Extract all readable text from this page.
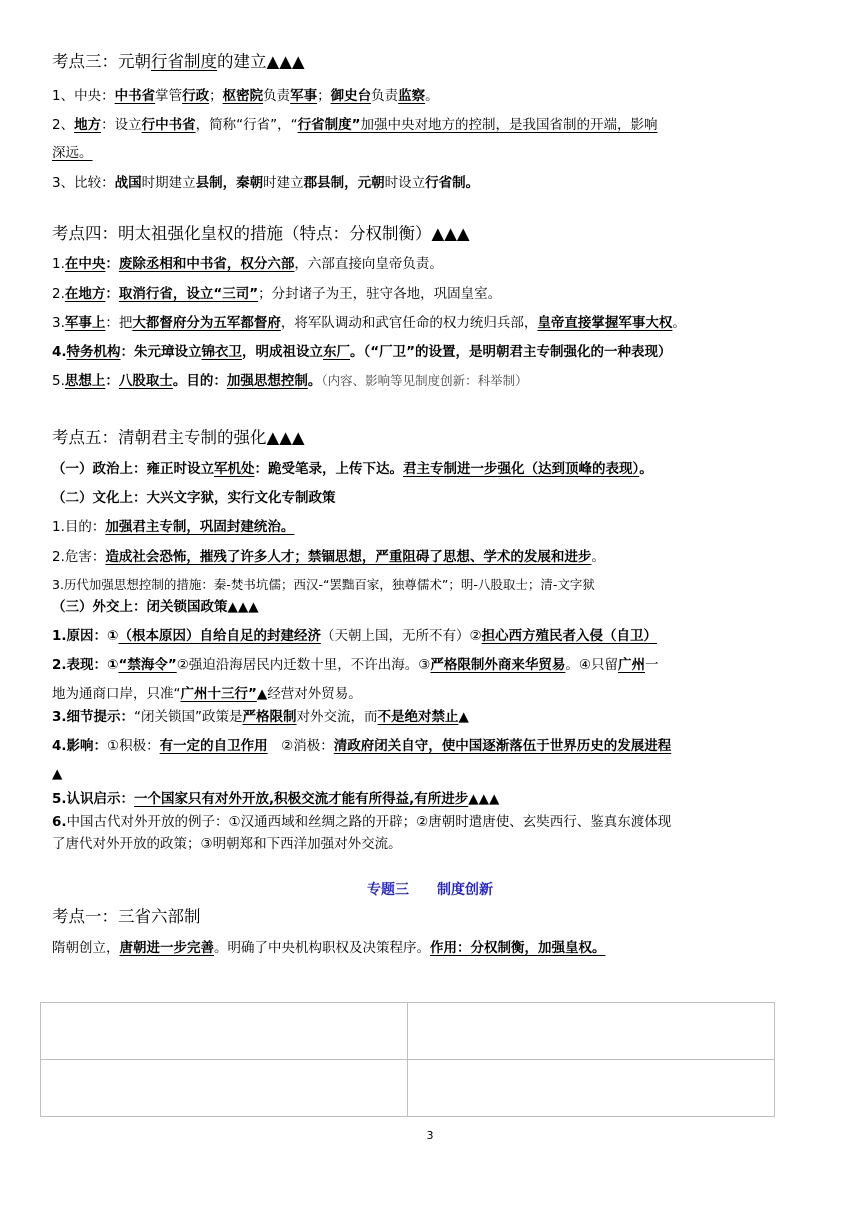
考点三：元朝行省制度的建立▲▲▲
1、中央：中书省掌管行政；枢密院负责军事；御史台负责监察。
2、地方：设立行中书省，简称“行省”，“行省制度”加强中央对地方的控制，是我国省制的开端，影响
深远。
3、比较：战国时期建立县制，秦朝时建立郡县制，元朝时设立行省制。
考点四：明太祖强化皇权的措施（特点：分权制衡）▲▲▲
1.在中央：废除丞相和中书省，权分六部，六部直接向皇帝负责。
2.在地方：取消行省，设立“三司”；分封诸子为王，驻守各地，巩固皇室。
3.军事上：把大都督府分为五军都督府，将军队调动和武官任命的权力统归兵部，皇帝直接掌握军事大权。
4.特务机构：朱元璋设立锦衣卫，明成祖设立东厂。（“厂卫”的设置，是明朝君主专制强化的一种表现）
5.思想上：八股取士。目的：加强思想控制。（内容、影响等见制度创新：科举制）
考点五：清朝君主专制的强化▲▲▲
（一）政治上：雍正时设立军机处：跪受笔录，上传下达。君主专制进一步强化（达到顶峰的表现）。
（二）文化上：大兴文字狱，实行文化专制政策
1.目的：加强君主专制，巩固封建统治。
2.危害：造成社会恐怖，摧残了许多人才；禁锢思想，严重阻碍了思想、学术的发展和进步。
3.历代加强思想控制的措施：秦-焚书坑儒；西汉-“罢黜百家，独尊儒术”；明-八股取士；清-文字狱
（三）外交上：闭关锁国政策▲▲▲
1.原因：①（根本原因）自给自足的封建经济（天朝上国，无所不有）②担心西方殖民者入侵（自卫）
2.表现：①“禁海令”②强迫沿海居民内迁数十里，不许出海。③严格限制外商来华贸易。④只留广州一
地为通商口岸，只准“广州十三行”▲经营对外贸易。
3.细节提示：“闭关锁国”政策是严格限制对外交流，而不是绝对禁止▲
4.影响：①积极：有一定的自卫作用　②消极：清政府闭关自守，使中国逐渐落伍于世界历史的发展进程
▲
5.认识启示：一个国家只有对外开放,积极交流才能有所得益,有所进步▲▲▲
6.中国古代对外开放的例子：①汉通西域和丝绸之路的开辟；②唐朝时遣唐使、玄奘西行、鉴真东渡体现
了唐代对外开放的政策；③明朝郑和下西洋加强对外交流。
专题三　　制度创新
考点一：三省六部制
隋朝创立，唐朝进一步完善。明确了中央机构职权及决策程序。作用：分权制衡，加强皇权。

3
